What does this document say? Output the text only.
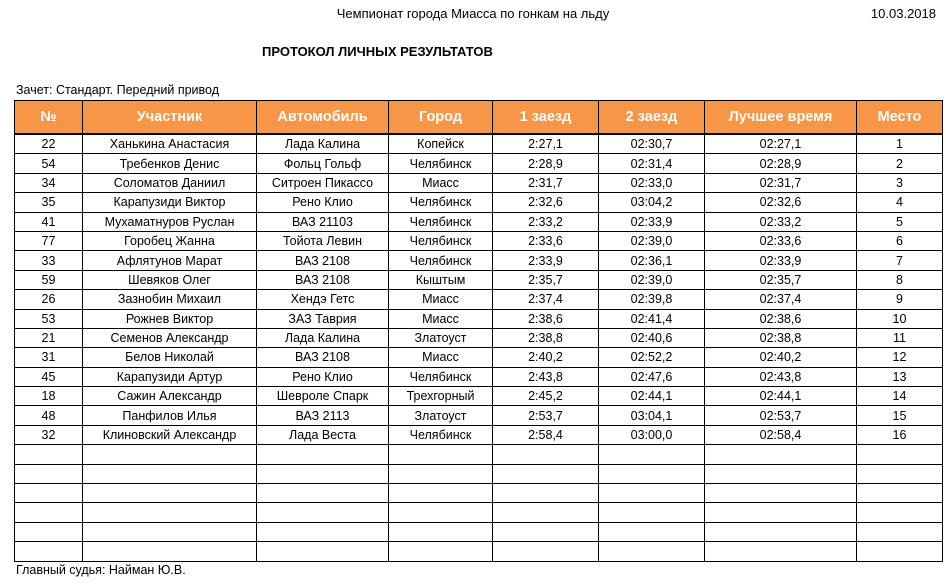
Чемпионат города Миасса по гонкам на льду	10.03.2018
ПРОТОКОЛ ЛИЧНЫХ РЕЗУЛЬТАТОВ
Зачет: Стандарт. Передний привод
№	Участник	Автомобиль	Город	1 заезд	2 заезд	Лучшее время	Место
22	Ханькина Анастасия	Лада Калина	Копейск	2:27,1	02:30,7	02:27,1	1
54	Требенков Денис	Фольц Гольф	Челябинск	2:28,9	02:31,4	02:28,9	2
34	Соломатов Даниил	Ситроен Пикассо	Миасс	2:31,7	02:33,0	02:31,7	3
35	Карапузиди Виктор	Рено Клио	Челябинск	2:32,6	03:04,2	02:32,6	4
41	Мухаматнуров Руслан	ВАЗ 21103	Челябинск	2:33,2	02:33,9	02:33,2	5
77	Горобец Жанна	Тойота Левин	Челябинск	2:33,6	02:39,0	02:33,6	6
33	Афлятунов Марат	ВАЗ 2108	Челябинск	2:33,9	02:36,1	02:33,9	7
59	Шевяков Олег	ВАЗ 2108	Кыштым	2:35,7	02:39,0	02:35,7	8
26	Зазнобин Михаил	Хендэ Гетс	Миасс	2:37,4	02:39,8	02:37,4	9
53	Рожнев Виктор	ЗАЗ Таврия	Миасс	2:38,6	02:41,4	02:38,6	10
21	Семенов Александр	Лада Калина	Златоуст	2:38,8	02:40,6	02:38,8	11
31	Белов Николай	ВАЗ 2108	Миасс	2:40,2	02:52,2	02:40,2	12
45	Карапузиди Артур	Рено Клио	Челябинск	2:43,8	02:47,6	02:43,8	13
18	Сажин Александр	Шевроле Спарк	Трехгорный	2:45,2	02:44,1	02:44,1	14
48	Панфилов Илья	ВАЗ 2113	Златоуст	2:53,7	03:04,1	02:53,7	15
32	Клиновский Александр	Лада Веста	Челябинск	2:58,4	03:00,0	02:58,4	16

Главный судья: Найман Ю.В.
